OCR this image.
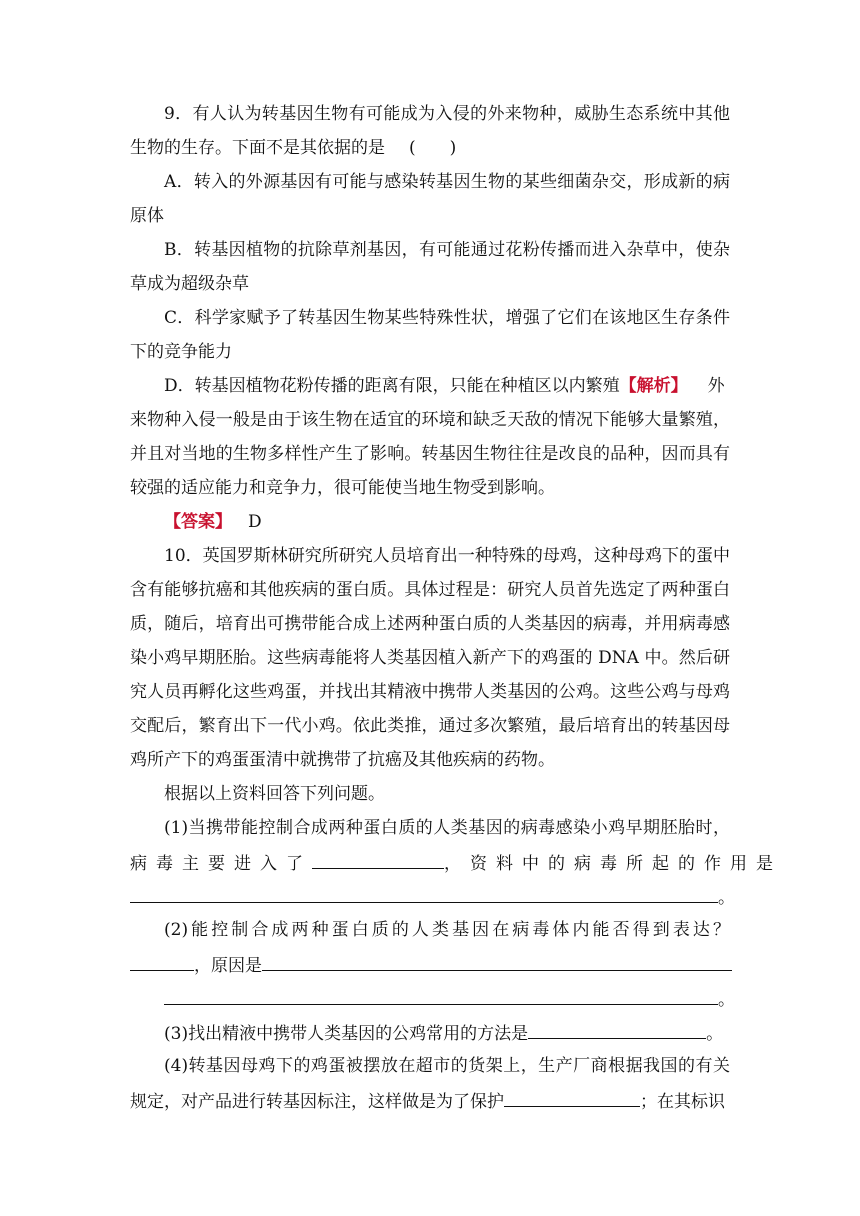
9．有人认为转基因生物有可能成为入侵的外来物种，威胁生态系统中其他
生物的生存。下面不是其依据的是 (　　)
A．转入的外源基因有可能与感染转基因生物的某些细菌杂交，形成新的病
原体
B．转基因植物的抗除草剂基因，有可能通过花粉传播而进入杂草中，使杂
草成为超级杂草
C．科学家赋予了转基因生物某些特殊性状，增强了它们在该地区生存条件
下的竞争能力
D．转基因植物花粉传播的距离有限，只能在种植区以内繁殖【解析】 外
来物种入侵一般是由于该生物在适宜的环境和缺乏天敌的情况下能够大量繁殖，
并且对当地的生物多样性产生了影响。转基因生物往往是改良的品种，因而具有
较强的适应能力和竞争力，很可能使当地生物受到影响。
【答案】 D
10．英国罗斯林研究所研究人员培育出一种特殊的母鸡，这种母鸡下的蛋中
含有能够抗癌和其他疾病的蛋白质。具体过程是：研究人员首先选定了两种蛋白
质，随后，培育出可携带能合成上述两种蛋白质的人类基因的病毒，并用病毒感
染小鸡早期胚胎。这些病毒能将人类基因植入新产下的鸡蛋的 DNA 中。然后研
究人员再孵化这些鸡蛋，并找出其精液中携带人类基因的公鸡。这些公鸡与母鸡
交配后，繁育出下一代小鸡。依此类推，通过多次繁殖，最后培育出的转基因母
鸡所产下的鸡蛋蛋清中就携带了抗癌及其他疾病的药物。
根据以上资料回答下列问题。
(1)当携带能控制合成两种蛋白质的人类基因的病毒感染小鸡早期胚胎时，
病毒主要进入了	，资料中的病毒所起的作用是
。
(2)能控制合成两种蛋白质的人类基因在病毒体内能否得到表达？
，原因是
。
(3)找出精液中携带人类基因的公鸡常用的方法是	。
(4)转基因母鸡下的鸡蛋被摆放在超市的货架上，生产厂商根据我国的有关
规定，对产品进行转基因标注，这样做是为了保护	；在其标识
